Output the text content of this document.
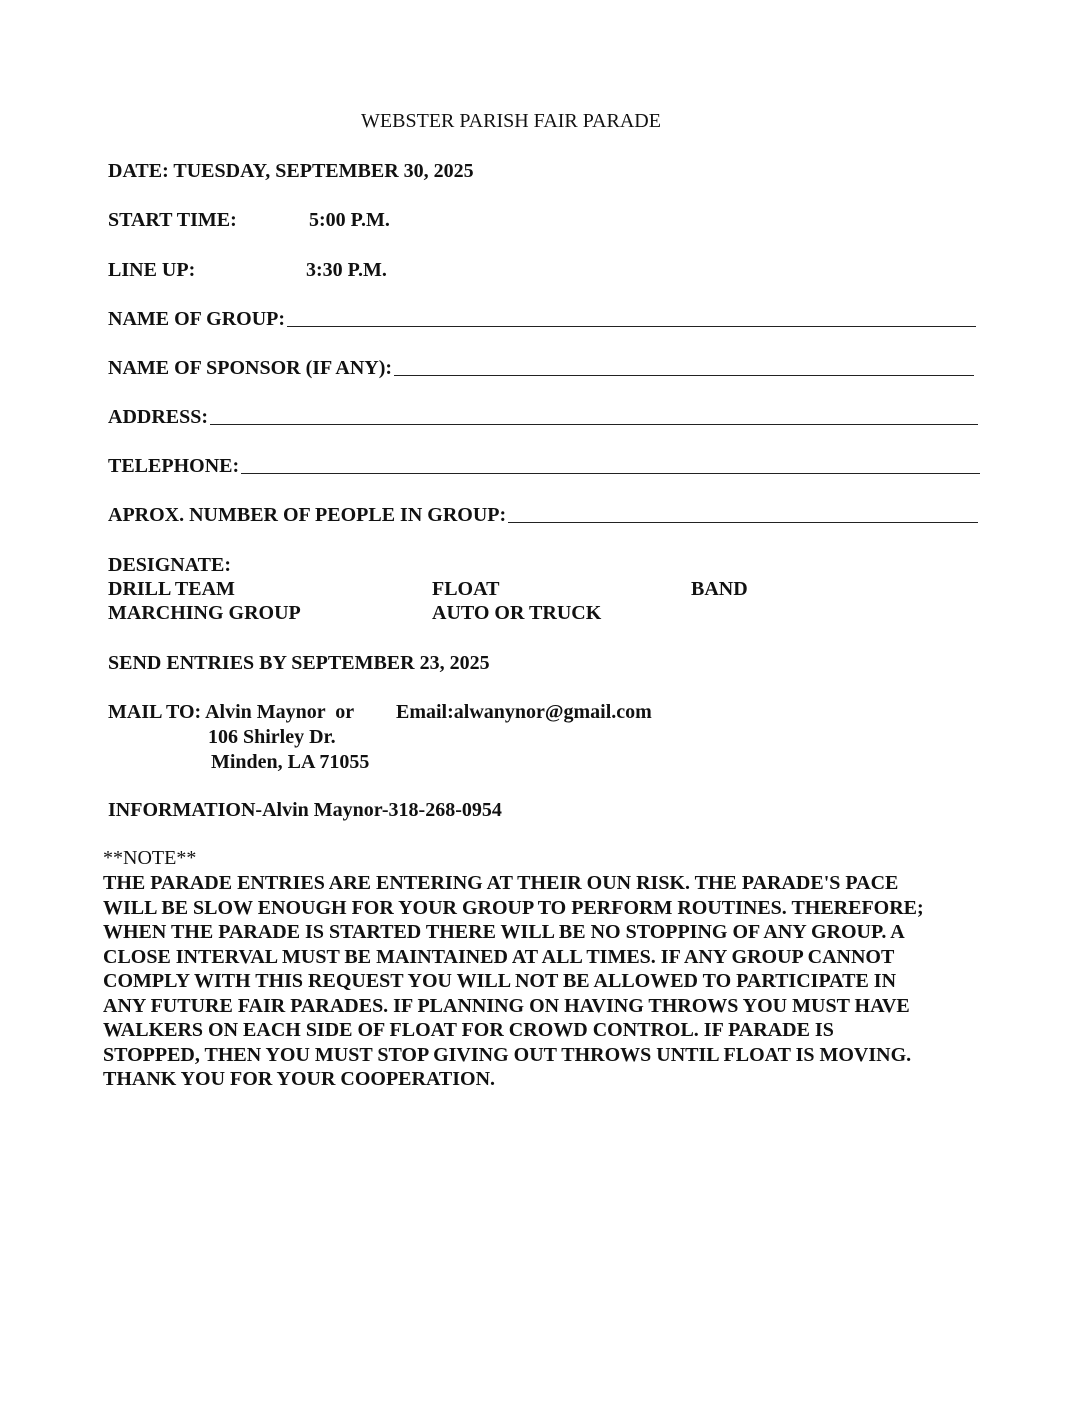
WEBSTER PARISH FAIR PARADE
DATE: TUESDAY, SEPTEMBER 30, 2025
START TIME:	5:00 P.M.
LINE UP:	3:30 P.M.
NAME OF GROUP:
NAME OF SPONSOR (IF ANY):
ADDRESS:
TELEPHONE:
APROX. NUMBER OF PEOPLE IN GROUP:
DESIGNATE:
DRILL TEAM	FLOAT	BAND
MARCHING GROUP	AUTO OR TRUCK
SEND ENTRIES BY SEPTEMBER 23, 2025
MAIL TO: Alvin Maynor  or Email:alwanynor@gmail.com
106 Shirley Dr.
Minden, LA 71055
INFORMATION-Alvin Maynor-318-268-0954
**NOTE**
THE PARADE ENTRIES ARE ENTERING AT THEIR OUN RISK. THE PARADE'S PACE
WILL BE SLOW ENOUGH FOR YOUR GROUP TO PERFORM ROUTINES. THEREFORE;
WHEN THE PARADE IS STARTED THERE WILL BE NO STOPPING OF ANY GROUP. A
CLOSE INTERVAL MUST BE MAINTAINED AT ALL TIMES. IF ANY GROUP CANNOT
COMPLY WITH THIS REQUEST YOU WILL NOT BE ALLOWED TO PARTICIPATE IN
ANY FUTURE FAIR PARADES. IF PLANNING ON HAVING THROWS YOU MUST HAVE
WALKERS ON EACH SIDE OF FLOAT FOR CROWD CONTROL. IF PARADE IS
STOPPED, THEN YOU MUST STOP GIVING OUT THROWS UNTIL FLOAT IS MOVING.
THANK YOU FOR YOUR COOPERATION.
